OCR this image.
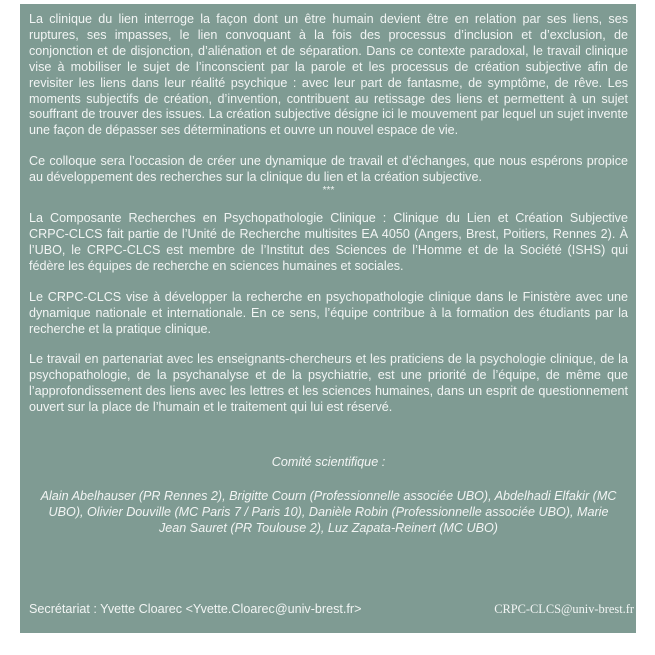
La clinique du lien interroge la façon dont un être humain devient être en relation par ses liens, ses ruptures, ses impasses, le lien convoquant à la fois des processus d’inclusion et d’exclusion, de conjonction et de disjonction, d’aliénation et de séparation. Dans ce contexte paradoxal, le travail clinique vise à mobiliser le sujet de l’inconscient par la parole et les processus de création subjective afin de revisiter les liens dans leur réalité psychique : avec leur part de fantasme, de symptôme, de rêve. Les moments subjectifs de création, d’invention, contribuent au retissage des liens et permettent à un sujet souffrant de trouver des issues. La création subjective désigne ici le mouvement par lequel un sujet invente une façon de dépasser ses déterminations et ouvre un nouvel espace de vie.

Ce colloque sera l’occasion de créer une dynamique de travail et d’échanges, que nous espérons propice au développement des recherches sur la clinique du lien et la création subjective.

***

La Composante Recherches en Psychopathologie Clinique : Clinique du Lien et Création Subjective CRPC-CLCS fait partie de l’Unité de Recherche multisites EA 4050 (Angers, Brest, Poitiers, Rennes 2). À l’UBO, le CRPC-CLCS est membre de l’Institut des Sciences de l’Homme et de la Société (ISHS) qui fédère les équipes de recherche en sciences humaines et sociales.

Le CRPC-CLCS vise à développer la recherche en psychopathologie clinique dans le Finistère avec une dynamique nationale et internationale. En ce sens, l’équipe contribue à la formation des étudiants par la recherche et la pratique clinique.

Le travail en partenariat avec les enseignants-chercheurs et les praticiens de la psychologie clinique, de la psychopathologie, de la psychanalyse et de la psychiatrie, est une priorité de l’équipe, de même que l’approfondissement des liens avec les lettres et les sciences humaines, dans un esprit de questionnement ouvert sur la place de l’humain et le traitement qui lui est réservé.

Comité scientifique :

Alain Abelhauser (PR Rennes 2), Brigitte Courn (Professionnelle associée UBO), Abdelhadi Elfakir (MC UBO), Olivier Douville (MC Paris 7 / Paris 10), Danièle Robin (Professionnelle associée UBO), Marie Jean Sauret (PR Toulouse 2), Luz Zapata-Reinert (MC UBO)

Secrétariat : Yvette Cloarec <Yvette.Cloarec@univ-brest.fr>	CRPC-CLCS@univ-brest.fr
